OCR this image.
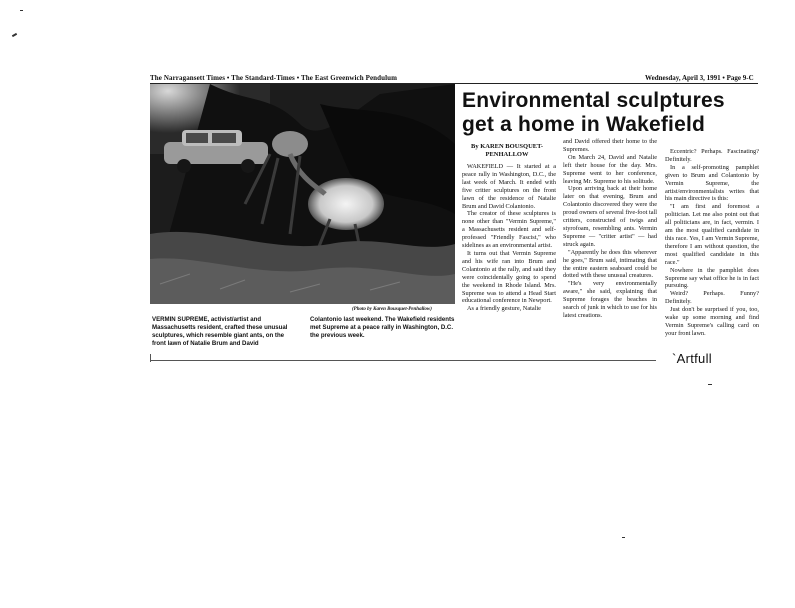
The Narragansett Times • The Standard-Times • The East Greenwich Pendulum	Wednesday, April 3, 1991 • Page 9-C
(Photo by Karen Bousquet-Penhallow)
VERMIN SUPREME, activist/artist and Massachusetts resident, crafted these unusual sculptures, which resemble giant ants, on the front lawn of Natalie Brum and David
Colantonio last weekend. The Wakefield residents met Supreme at a peace rally in Washington, D.C. the previous week.
Environmental sculptures
get a home in Wakefield
By KAREN BOUSQUET-
PENHALLOW

WAKEFIELD — It started at a peace rally in Washington, D.C., the last week of March. It ended with five critter sculptures on the front lawn of the residence of Natalie Brum and David Colantonio.

The creator of these sculptures is none other than "Vermin Supreme," a Massachusetts resident and self-professed "Friendly Fascist," who sidelines as an environmental artist.

It turns out that Vermin Supreme and his wife ran into Brum and Colantonio at the rally, and said they were coincidentally going to spend the weekend in Rhode Island. Mrs. Supreme was to attend a Head Start educational conference in Newport.

As a friendly gesture, Natalie

and David offered their home to the Supremes.

On March 24, David and Natalie left their house for the day. Mrs. Supreme went to her conference, leaving Mr. Supreme to his solitude.

Upon arriving back at their home later on that evening, Brum and Colantonio discovered they were the proud owners of several five-foot tall critters, constructed of twigs and styrofoam, resembling ants. Vermin Supreme — "critter artist" — had struck again.

"Apparently he does this wherever he goes," Brum said, intimating that the entire eastern seaboard could be dotted with these unusual creatures.

"He's very environmentally aware," she said, explaining that Supreme forages the beaches in search of junk in which to use for his latest creations.

Eccentric? Perhaps. Fascinating? Definitely.

In a self-promoting pamphlet given to Brum and Colantonio by Vermin Supreme, the artist/environmentalists writes that his main directive is this:

"I am first and foremost a politician. Let me also point out that all politicians are, in fact, vermin. I am the most qualified candidate in this race. Yes, I am Vermin Supreme, therefore I am without question, the most qualified candidate in this race."

Nowhere in the pamphlet does Supreme say what office he is in fact pursuing.

Weird? Perhaps. Funny? Definitely.

Just don't be surprised if you, too, wake up some morning and find Vermin Supreme's calling card on your front lawn.

`Artfull
